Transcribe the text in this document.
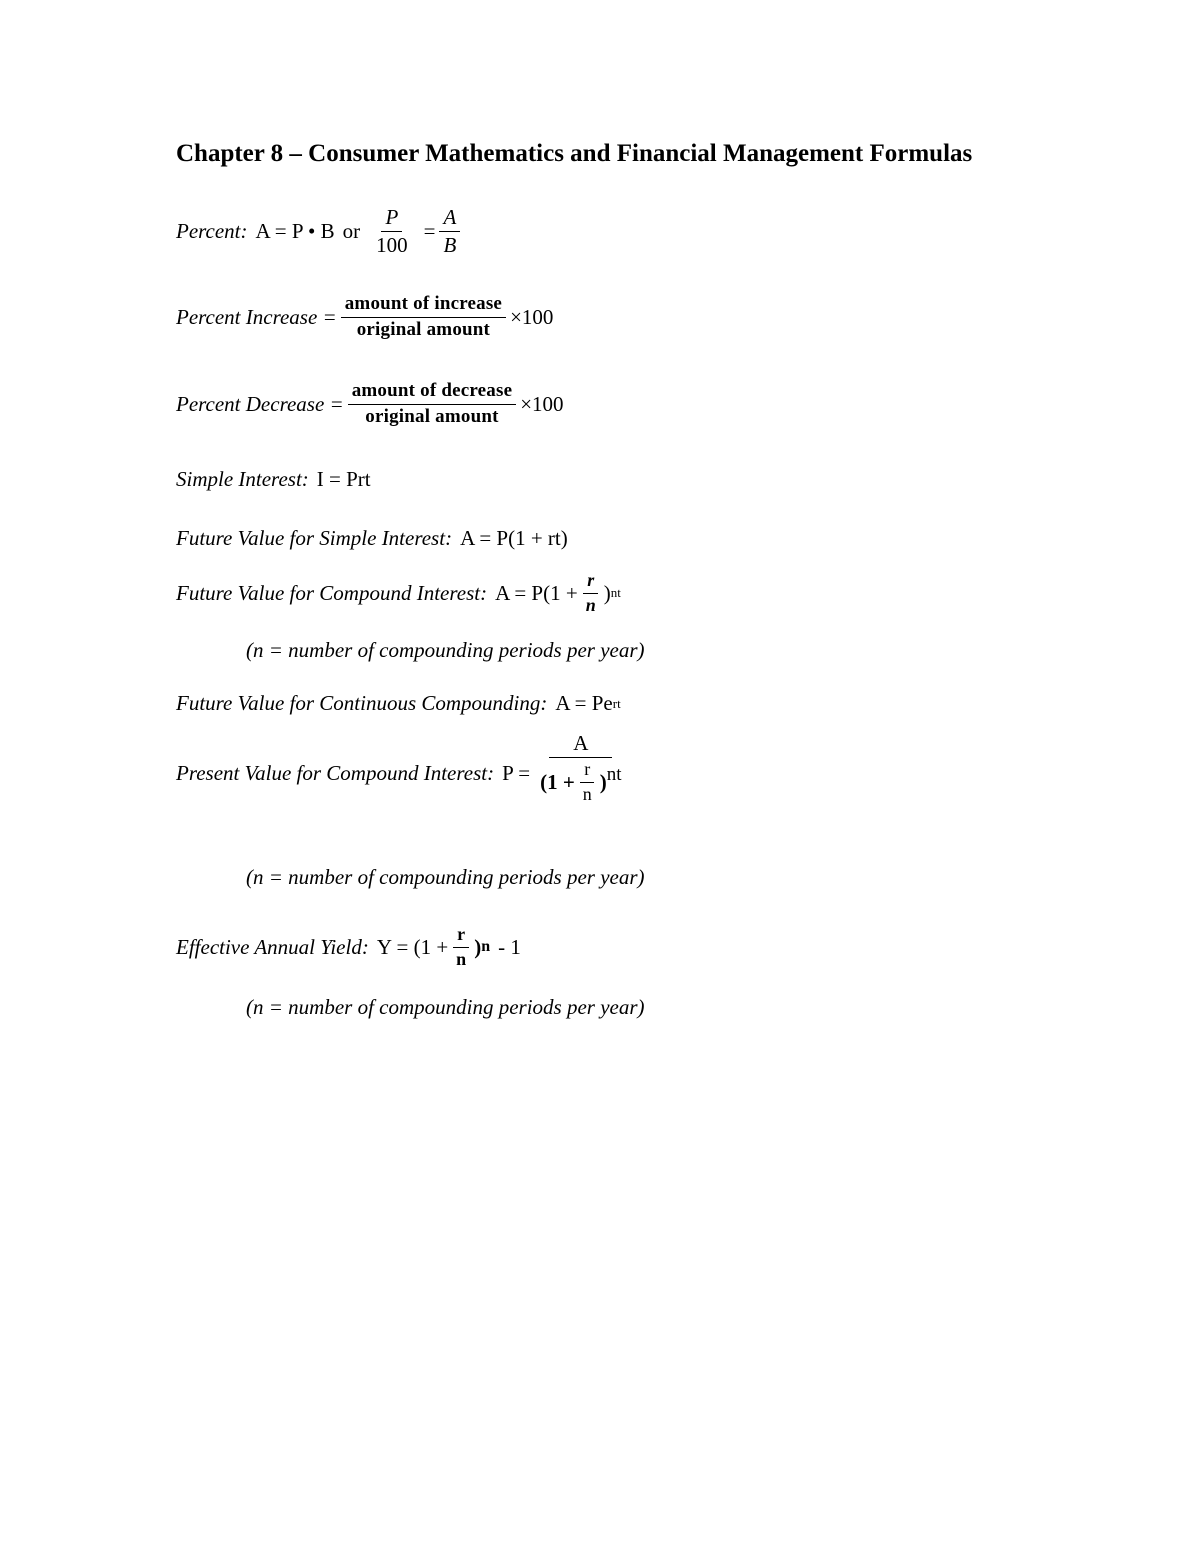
Chapter 8 – Consumer Mathematics and Financial Management Formulas
Percent: A = P • B or $\frac{P}{100} = \frac{A}{B}$
Percent Increase = $\frac{\text{amount of increase}}{\text{original amount}} \times 100$
Percent Decrease = $\frac{\text{amount of decrease}}{\text{original amount}} \times 100$
Simple Interest: I = Prt
Future Value for Simple Interest: A = P(1 + rt)
Future Value for Compound Interest: $A = P(1 + \frac{r}{n}$ ) nt
(n = number of compounding periods per year)
Future Value for Continuous Compounding: A = Pe rt
Present Value for Compound Interest: $P = \frac{A}{(1 + \frac{r}{n} ) nt}$
(n = number of compounding periods per year)
Effective Annual Yield: $Y = (1 + \frac{r}{n}$ ) n - 1
(n = number of compounding periods per year)
